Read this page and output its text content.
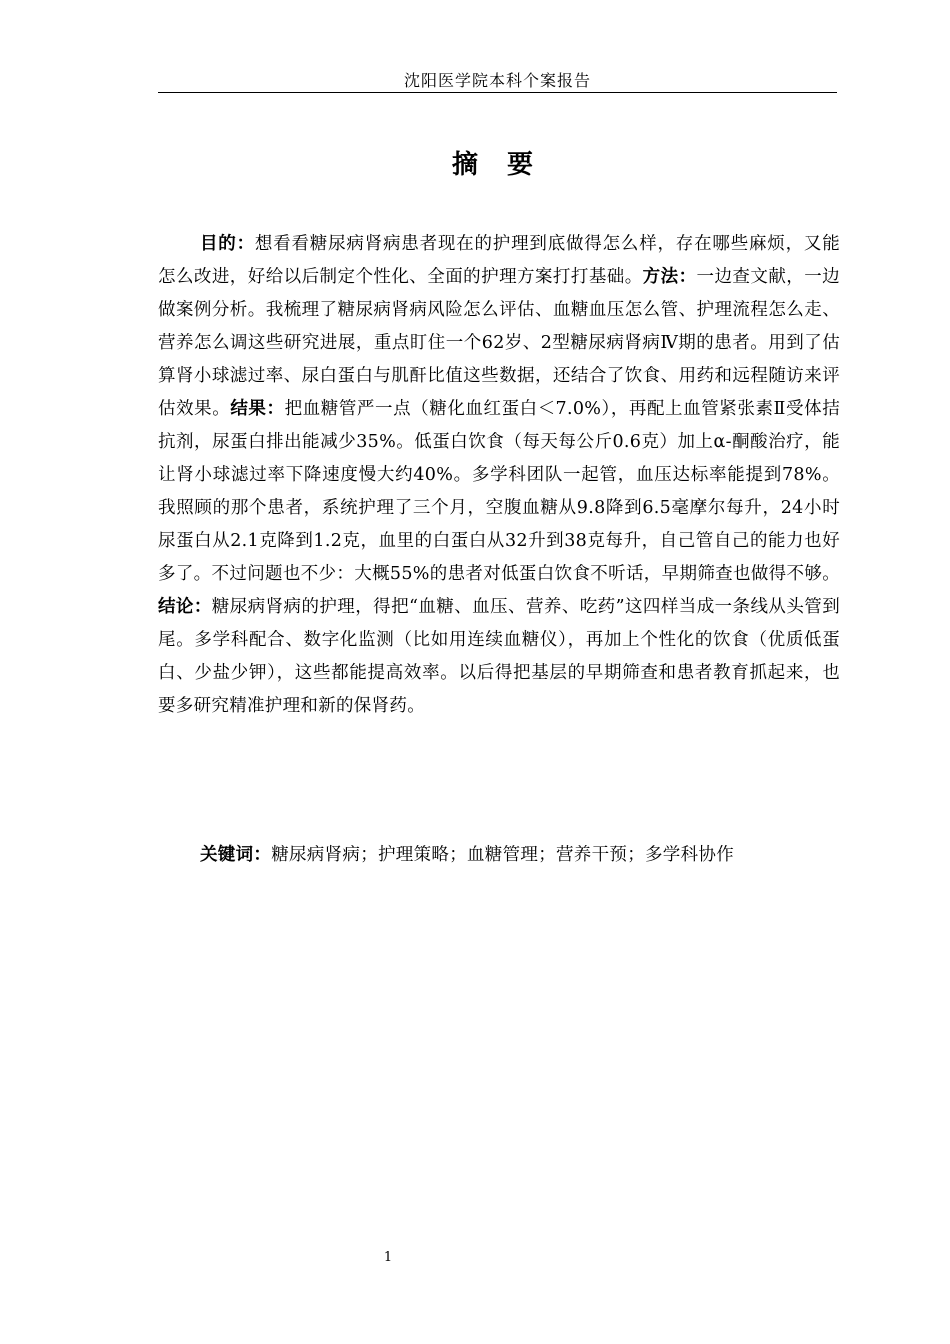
沈阳医学院本科个案报告
摘 要

目的：想看看糖尿病肾病患者现在的护理到底做得怎么样，存在哪些麻烦，又能怎么改进，好给以后制定个性化、全面的护理方案打打基础。方法：一边查文献，一边做案例分析。我梳理了糖尿病肾病风险怎么评估、血糖血压怎么管、护理流程怎么走、营养怎么调这些研究进展，重点盯住一个62岁、2型糖尿病肾病Ⅳ期的患者。用到了估算肾小球滤过率、尿白蛋白与肌酐比值这些数据，还结合了饮食、用药和远程随访来评估效果。结果：把血糖管严一点（糖化血红蛋白＜7.0%），再配上血管紧张素Ⅱ受体拮抗剂，尿蛋白排出能减少35%。低蛋白饮食（每天每公斤0.6克）加上α-酮酸治疗，能让肾小球滤过率下降速度慢大约40%。多学科团队一起管，血压达标率能提到78%。我照顾的那个患者，系统护理了三个月，空腹血糖从9.8降到6.5毫摩尔每升，24小时尿蛋白从2.1克降到1.2克，血里的白蛋白从32升到38克每升，自己管自己的能力也好多了。不过问题也不少：大概55%的患者对低蛋白饮食不听话，早期筛查也做得不够。结论：糖尿病肾病的护理，得把“血糖、血压、营养、吃药”这四样当成一条线从头管到尾。多学科配合、数字化监测（比如用连续血糖仪），再加上个性化的饮食（优质低蛋白、少盐少钾），这些都能提高效率。以后得把基层的早期筛查和患者教育抓起来，也要多研究精准护理和新的保肾药。

关键词：糖尿病肾病；护理策略；血糖管理；营养干预；多学科协作

1
